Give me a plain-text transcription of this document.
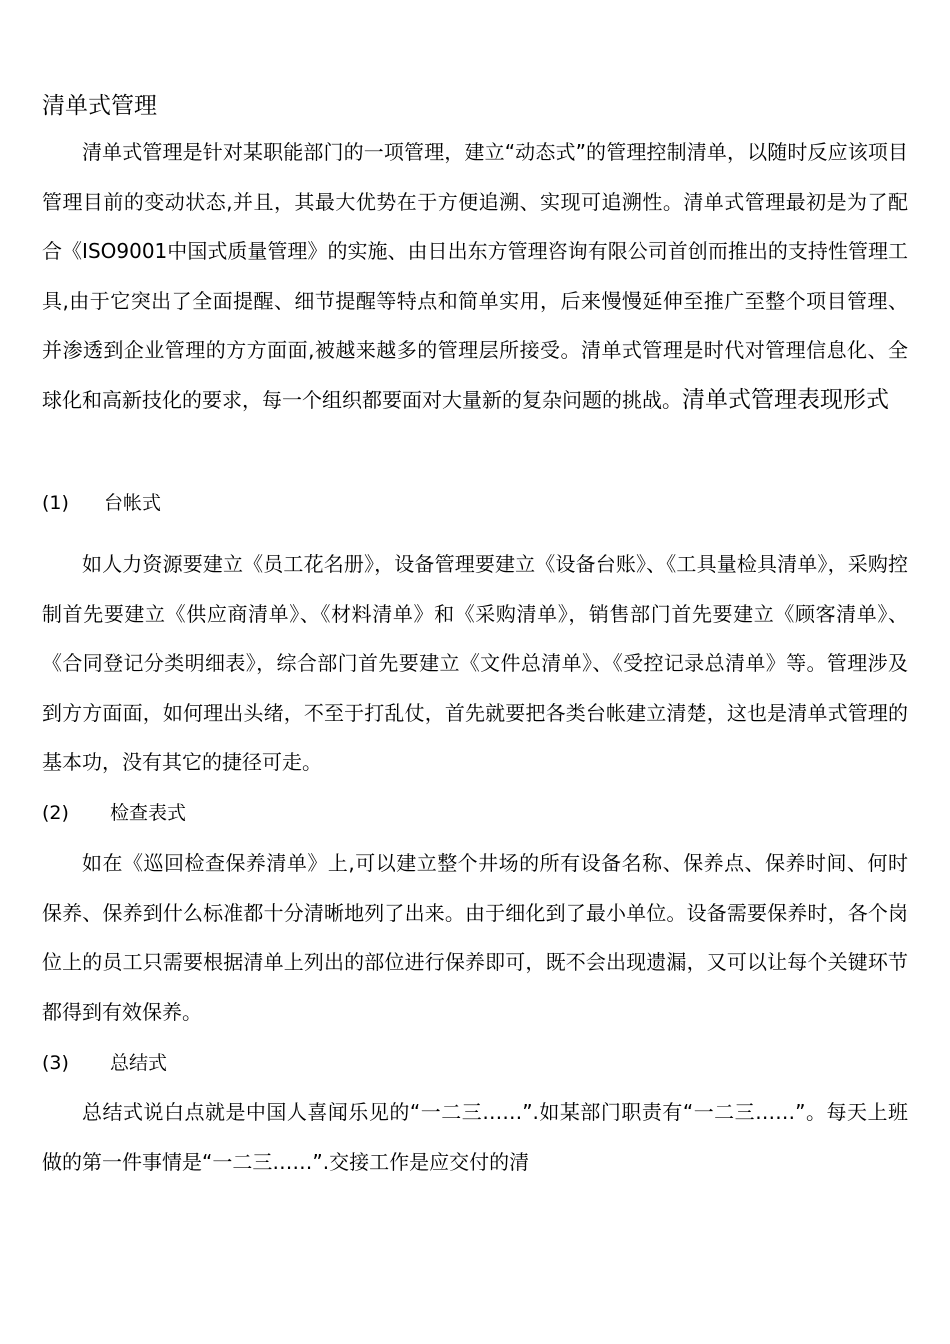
清单式管理

清单式管理是针对某职能部门的一项管理，建立“动态式”的管理控制清单，以随时反应该项目管理目前的变动状态,并且，其最大优势在于方便追溯、实现可追溯性。清单式管理最初是为了配合《ISO9001中国式质量管理》的实施、由日出东方管理咨询有限公司首创而推出的支持性管理工具,由于它突出了全面提醒、细节提醒等特点和简单实用，后来慢慢延伸至推广至整个项目管理、并渗透到企业管理的方方面面,被越来越多的管理层所接受。清单式管理是时代对管理信息化、全球化和高新技化的要求，每一个组织都要面对大量新的复杂问题的挑战。清单式管理表现形式

(1) 台帐式

如人力资源要建立《员工花名册》，设备管理要建立《设备台账》、《工具量检具清单》，采购控制首先要建立《供应商清单》、《材料清单》和《采购清单》，销售部门首先要建立《顾客清单》、《合同登记分类明细表》，综合部门首先要建立《文件总清单》、《受控记录总清单》等。管理涉及到方方面面，如何理出头绪，不至于打乱仗，首先就要把各类台帐建立清楚，这也是清单式管理的基本功，没有其它的捷径可走。

(2) 检查表式

如在《巡回检查保养清单》上,可以建立整个井场的所有设备名称、保养点、保养时间、何时保养、保养到什么标准都十分清晰地列了出来。由于细化到了最小单位。设备需要保养时，各个岗位上的员工只需要根据清单上列出的部位进行保养即可，既不会出现遗漏，又可以让每个关键环节都得到有效保养。

(3) 总结式

总结式说白点就是中国人喜闻乐见的“一二三……”.如某部门职责有“一二三……”。每天上班做的第一件事情是“一二三……”.交接工作是应交付的清
